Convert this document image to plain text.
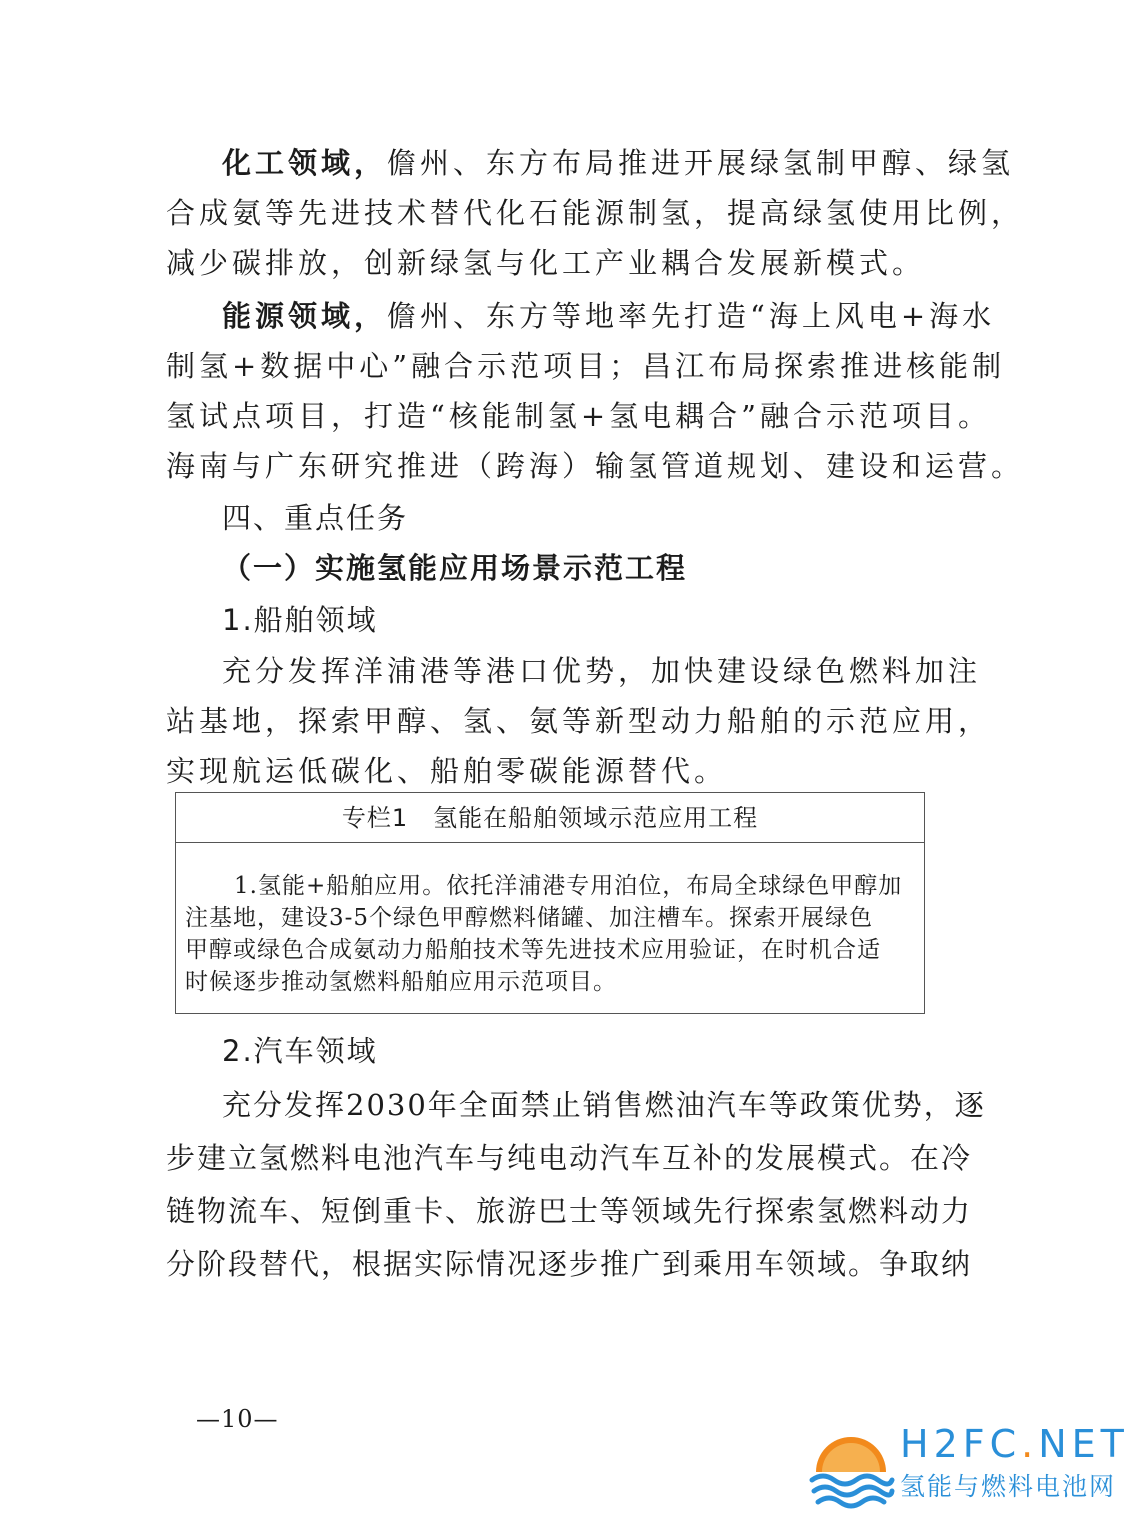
化工领域，儋州、东方布局推进开展绿氢制甲醇、绿氢
合成氨等先进技术替代化石能源制氢，提高绿氢使用比例，
减少碳排放，创新绿氢与化工产业耦合发展新模式。
能源领域，儋州、东方等地率先打造“海上风电+海水
制氢+数据中心”融合示范项目；昌江布局探索推进核能制
氢试点项目，打造“核能制氢+氢电耦合”融合示范项目。
海南与广东研究推进（跨海）输氢管道规划、建设和运营。
四、重点任务
（一）实施氢能应用场景示范工程
1.船舶领域
充分发挥洋浦港等港口优势，加快建设绿色燃料加注
站基地，探索甲醇、氢、氨等新型动力船舶的示范应用，
实现航运低碳化、船舶零碳能源替代。
专栏1　氢能在船舶领域示范应用工程
1.氢能+船舶应用。依托洋浦港专用泊位，布局全球绿色甲醇加
注基地，建设3-5个绿色甲醇燃料储罐、加注槽车。探索开展绿色
甲醇或绿色合成氨动力船舶技术等先进技术应用验证，在时机合适
时候逐步推动氢燃料船舶应用示范项目。
2.汽车领域
充分发挥2030年全面禁止销售燃油汽车等政策优势，逐
步建立氢燃料电池汽车与纯电动汽车互补的发展模式。在冷
链物流车、短倒重卡、旅游巴士等领域先行探索氢燃料动力
分阶段替代，根据实际情况逐步推广到乘用车领域。争取纳
—10—
H2FC.NET
氢能与燃料电池网
